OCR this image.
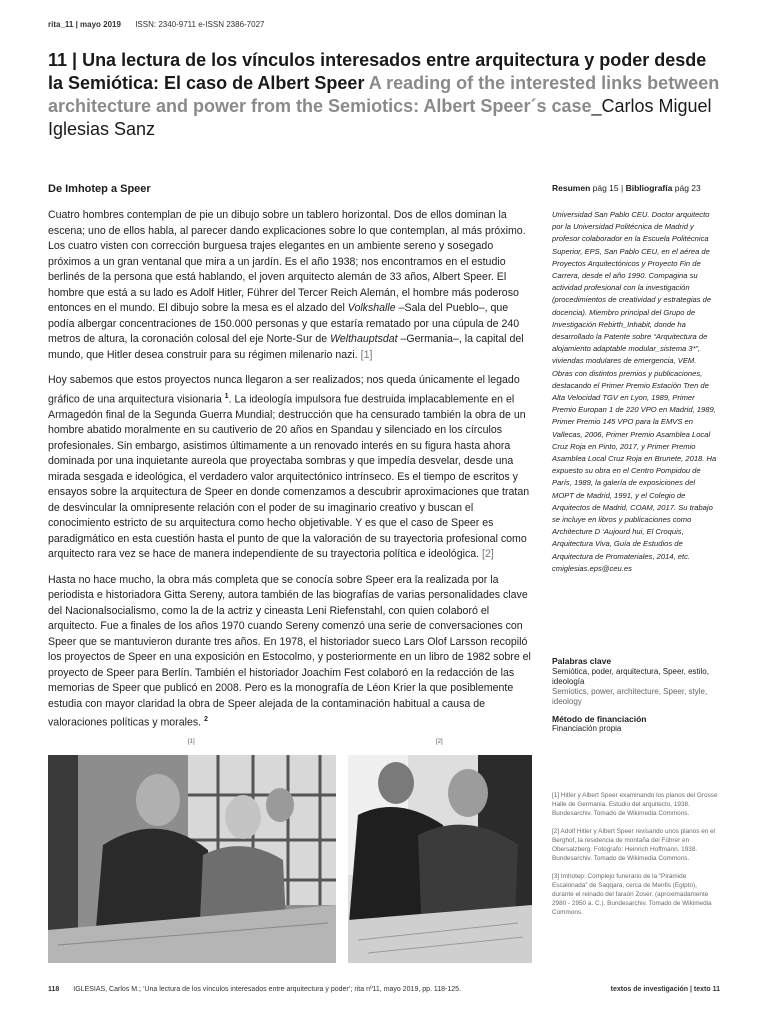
rita_11 | mayo 2019 ISSN: 2340-9711 e-ISSN 2386-7027
11 | Una lectura de los vínculos interesados entre arquitectura y poder desde la Semiótica: El caso de Albert Speer A reading of the interested links between architecture and power from the Semiotics: Albert Speer´s case_Carlos Miguel Iglesias Sanz
De Imhotep a Speer

Cuatro hombres contemplan de pie un dibujo sobre un tablero horizontal. Dos de ellos dominan la escena; uno de ellos habla, al parecer dando explicaciones sobre lo que contemplan, al más próximo. Los cuatro visten con corrección burguesa trajes elegantes en un ambiente sereno y sosegado próximos a un gran ventanal que mira a un jardín. Es el año 1938; nos encontramos en el estudio berlinés de la persona que está hablando, el joven arquitecto alemán de 33 años, Albert Speer. El hombre que está a su lado es Adolf Hitler, Führer del Tercer Reich Alemán, el hombre más poderoso entonces en el mundo. El dibujo sobre la mesa es el alzado del Volkshalle –Sala del Pueblo–, que podía albergar concentraciones de 150.000 personas y que estaría rematado por una cúpula de 240 metros de altura, la coronación colosal del eje Norte-Sur de Welthauptsdat –Germania–, la capital del mundo, que Hitler desea construir para su régimen milenario nazi. [1]

Hoy sabemos que estos proyectos nunca llegaron a ser realizados; nos queda únicamente el legado gráfico de una arquitectura visionaria $^1$. La ideología impulsora fue destruida implacablemente en el Armagedón final de la Segunda Guerra Mundial; destrucción que ha censurado también la obra de un hombre abatido moralmente en su cautiverio de 20 años en Spandau y silenciado en los círculos profesionales. Sin embargo, asistimos últimamente a un renovado interés en su figura hasta ahora dominada por una inquietante aureola que proyectaba sombras y que impedía desvelar, desde una mirada sesgada e ideológica, el verdadero valor arquitectónico intrínseco. Es el tiempo de escritos y ensayos sobre la arquitectura de Speer en donde comenzamos a descubrir aproximaciones que tratan de desvincular la omnipresente relación con el poder de su imaginario creativo y buscan el conocimiento estricto de su arquitectura como hecho objetivable. Y es que el caso de Speer es paradigmático en esta cuestión hasta el punto de que la valoración de su trayectoria profesional como arquitecto rara vez se hace de manera independiente de su trayectoria política e ideológica. [2]

Hasta no hace mucho, la obra más completa que se conocía sobre Speer era la realizada por la periodista e historiadora Gitta Sereny, autora también de las biografías de varias personalidades clave del Nacionalsocialismo, como la de la actriz y cineasta Leni Riefenstahl, con quien colaboró el arquitecto. Fue a finales de los años 1970 cuando Sereny comenzó una serie de conversaciones con Speer que se mantuvieron durante tres años. En 1978, el historiador sueco Lars Olof Larsson recopiló los proyectos de Speer en una exposición en Estocolmo, y posteriormente en un libro de 1982 sobre el proyecto de Speer para Berlín. También el historiador Joachim Fest colaboró en la redacción de las memorias de Speer que publicó en 2008. Pero es la monografía de Léon Krier la que posiblemente estudia con mayor claridad la obra de Speer alejada de la contaminación habitual a causa de valoraciones políticas y morales. $^2$

Resumen pág 15 | Bibliografía pág 23
Universidad San Pablo CEU. Doctor arquitecto por la Universidad Politécnica de Madrid y profesor colaborador en la Escuela Politécnica Superior, EPS, San Pablo CEU, en el aérea de Proyectos Arquitectónicos y Proyecto Fin de Carrera, desde el año 1990. Compagina su actividad profesional con la investigación (procedimientos de creatividad y estrategias de docencia). Miembro principal del Grupo de Investigación Rebirth_Inhabit, donde ha desarrollado la Patente sobre “Arquitectura de alojamiento adaptable modular_sistema 3*”, viviendas modulares de emergencia, VEM. Obras con distintos premios y publicaciones, destacando el Primer Premio Estación Tren de Alta Velocidad TGV en Lyon, 1989, Primer Premio Europan 1 de 220 VPO en Madrid, 1989, Primer Premio 145 VPO para la EMVS en Vallecas, 2006, Primer Premio Asamblea Local Cruz Roja en Pinto, 2017, y Primer Premio Asamblea Local Cruz Roja en Brunete, 2018. Ha expuesto su obra en el Centro Pompidou de París, 1989, la galería de exposiciones del MOPT de Madrid, 1991, y el Colegio de Arquitectos de Madrid, COAM, 2017. Su trabajo se incluye en libros y publicaciones como Architecture D ‘Aujourd hui, El Croquis, Arquitectura Viva, Guía de Estudios de Arquitectura de Promateriales, 2014, etc.
cmiglesias.eps@ceu.es
Palabras clave
Semiótica, poder, arquitectura, Speer, estilo, ideología
Semiotics, power, architecture, Speer, style, ideology
Método de financiación
Financiación propia
[1]	[2]

[1] Hitler y Albert Speer examinando los planos del Grosse Halle de Germania. Estudio del arquitecto, 1938. Bundesarchiv. Tomado de Wikimedia Commons.

[2] Adolf Hitler y Albert Speer revisando unos planos en el Berghof, la residencia de montaña del Führer en Obersalzberg. Fotografo: Heinrich Hoffmann. 1938. Bundesarchiv. Tomado de Wikimedia Commons.

[3] Imhotep: Complejo funerario de la “Pirámide Escalonada” de Saqqara, cerca de Menfis (Egipto), durante el reinado del faraón Zoser. (aproximadamente 2980 - 2950 a. C.). Bundesarchiv. Tomado de Wikimedia Commons.

118 IGLESIAS, Carlos M.; ‘Una lectura de los vínculos interesados entre arquitectura y poder’; rita nº11, mayo 2019, pp. 118-125.	textos de investigación | texto 11
